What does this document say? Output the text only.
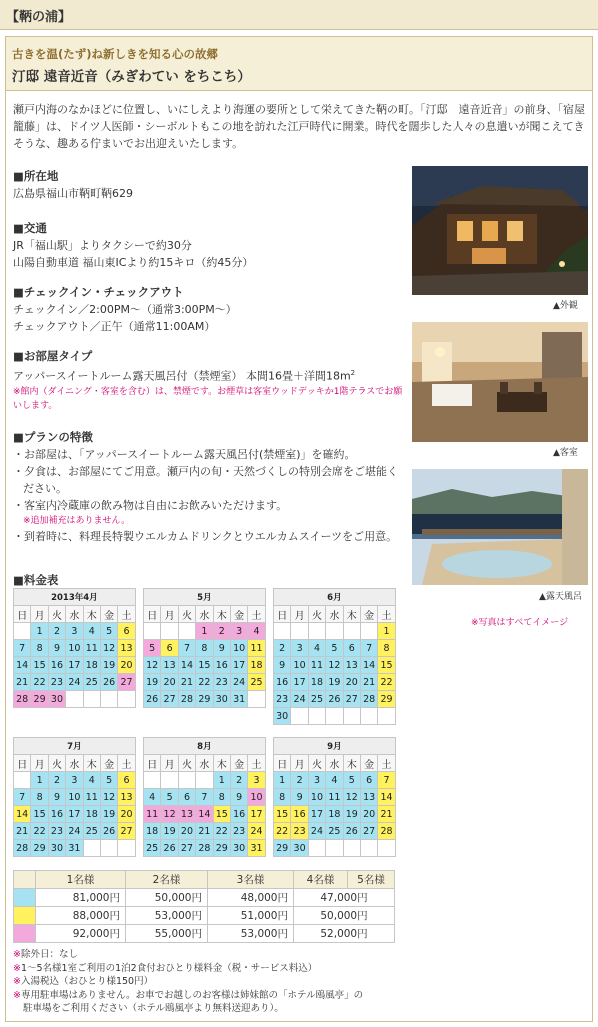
【鞆の浦】
古きを温(たず)ね新しきを知る心の故郷
汀邸 遠音近音（みぎわてい をちこち）
瀬戸内海のなかほどに位置し、いにしえより海運の要所として栄えてきた鞆の町。「汀邸　遠音近音」の前身、「宿屋籠藤」は、ドイツ人医師・シーボルトもこの地を訪れた江戸時代に開業。時代を闊歩した人々の息遣いが聞こえてきそうな、趣ある佇まいでお出迎えいたします。
■所在地
広島県福山市鞆町鞆629
■交通
JR「福山駅」よりタクシーで約30分
山陽自動車道 福山東ICより約15キロ（約45分）
■チェックイン・チェックアウト
チェックイン／2:00PM～（通常3:00PM～）
チェックアウト／正午（通常11:00AM）
■お部屋タイプ
アッパースイートルーム露天風呂付（禁煙室） 本間16畳＋洋間$18m^2$
※館内（ダイニング・客室を含む）は、禁煙です。お煙草は客室ウッドデッキか1階テラスでお願いします。
■プランの特徴
・お部屋は、「アッパースイートルーム露天風呂付(禁煙室)」を確約。
・夕食は、お部屋にてご用意。瀬戸内の旬・天然づくしの特別会席をご堪能ください。
・客室内冷蔵庫の飲み物は自由にお飲みいただけます。
※追加補充はありません。
・到着時に、料理長特製ウエルカムドリンクとウエルカムスイーツをご用意。
■料金表
▲外観
▲客室
▲露天風呂
※写真はすべてイメージ
2013年4月						
日	月	火	水	木	金	土
	1	2	3	4	5	6
7	8	9	10	11	12	13
14	15	16	17	18	19	20
21	22	23	24	25	26	27
28	29	30				
5月						
日	月	火	水	木	金	土
			1	2	3	4
5	6	7	8	9	10	11
12	13	14	15	16	17	18
19	20	21	22	23	24	25
26	27	28	29	30	31	
6月						
日	月	火	水	木	金	土
						1
2	3	4	5	6	7	8
9	10	11	12	13	14	15
16	17	18	19	20	21	22
23	24	25	26	27	28	29
30						
7月						
日	月	火	水	木	金	土
	1	2	3	4	5	6
7	8	9	10	11	12	13
14	15	16	17	18	19	20
21	22	23	24	25	26	27
28	29	30	31			
8月						
日	月	火	水	木	金	土
				1	2	3
4	5	6	7	8	9	10
11	12	13	14	15	16	17
18	19	20	21	22	23	24
25	26	27	28	29	30	31
9月						
日	月	火	水	木	金	土
1	2	3	4	5	6	7
8	9	10	11	12	13	14
15	16	17	18	19	20	21
22	23	24	25	26	27	28
29	30					
	1名様	2名様	3名様	4名様	5名様
	81,000円	50,000円	48,000円	47,000円	
	88,000円	53,000円	51,000円	50,000円	
	92,000円	55,000円	53,000円	52,000円	
※除外日：なし
※1～5名様1室ご利用の1泊2食付おひとり様料金（税・サービス料込）
※入湯税込（おひとり様150円）
※専用駐車場はありません。お車でお越しのお客様は姉妹館の「ホテル鴎風亭」の
駐車場をご利用ください（ホテル鴎風亭より無料送迎あり）。
